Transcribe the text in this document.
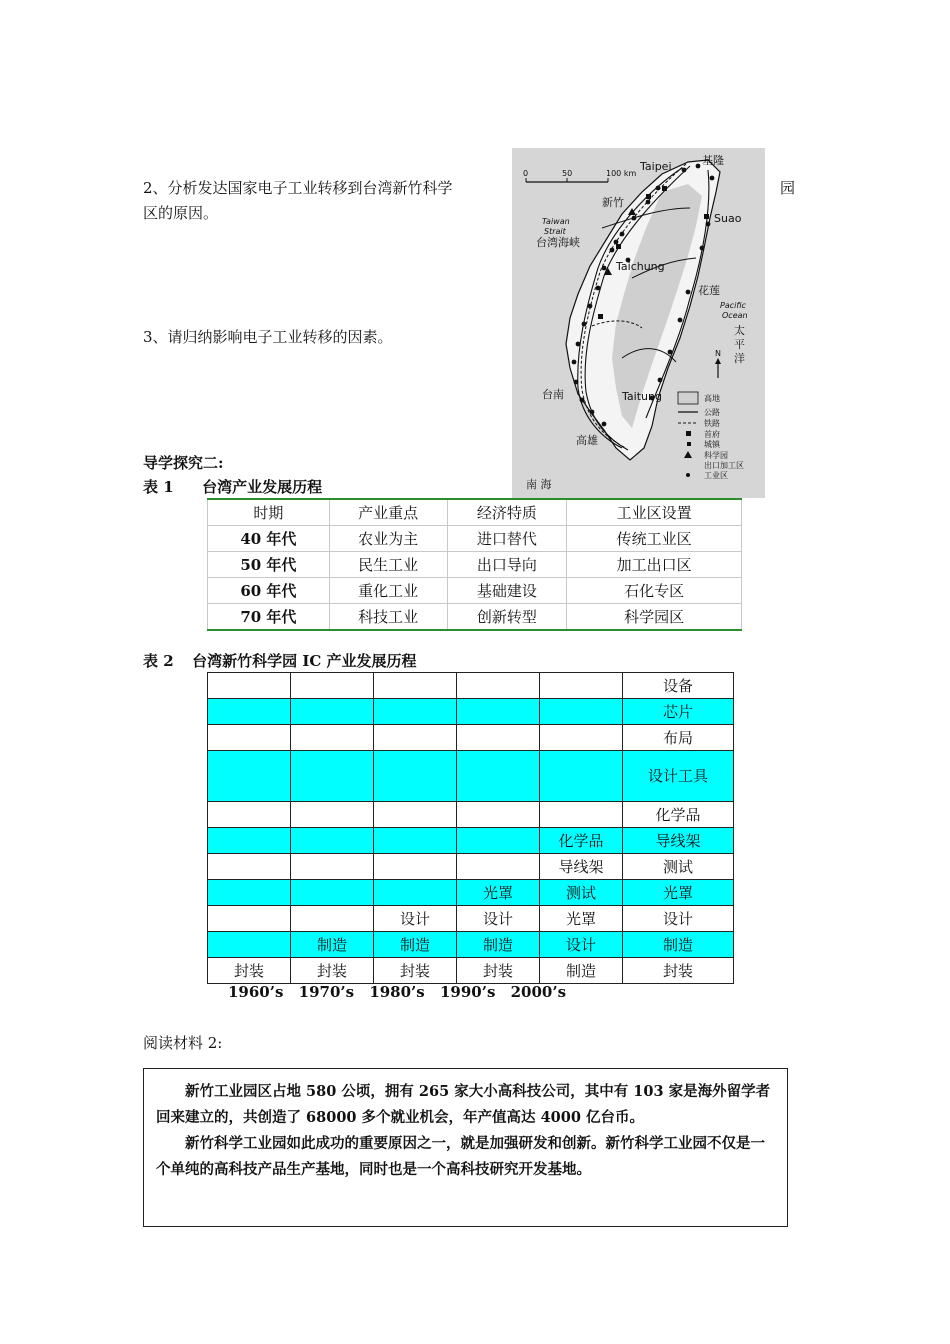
2、分析发达国家电子工业转移到台湾新竹科学	园
区的原因。
3、请归纳影响电子工业转移的因素。
0	50	100 km
Taipei	基隆
新竹
Suao
Taiwan
Strait
台湾海峡
Taichung
花莲
Pacific
Ocean
太
平
洋
N
台南	Taitung
高雄
南 海
高地
公路
铁路
首府
城镇
科学园
出口加工区
工业区
导学探究二:
表 1 台湾产业发展历程
时期	产业重点	经济特质	工业区设置
40 年代	农业为主	进口替代	传统工业区
50 年代	民生工业	出口导向	加工出口区
60 年代	重化工业	基础建设	石化专区
70 年代	科技工业	创新转型	科学园区
表 2 台湾新竹科学园 IC 产业发展历程
					设备
					芯片
					布局
					设计工具
					化学品
				化学品	导线架
				导线架	测试
			光罩	测试	光罩
		设计	设计	光罩	设计
	制造	制造	制造	设计	制造
封装	封装	封装	封装	制造	封装
1960’s 1970’s 1980’s 1990’s 2000’s
阅读材料 2:

新竹工业园区占地 580 公顷，拥有 265 家大小高科技公司，其中有 103 家是海外留学者回来建立的，共创造了 68000 多个就业机会，年产值高达 4000 亿台币。

新竹科学工业园如此成功的重要原因之一，就是加强研发和创新。新竹科学工业园不仅是一个单纯的高科技产品生产基地，同时也是一个高科技研究开发基地。
